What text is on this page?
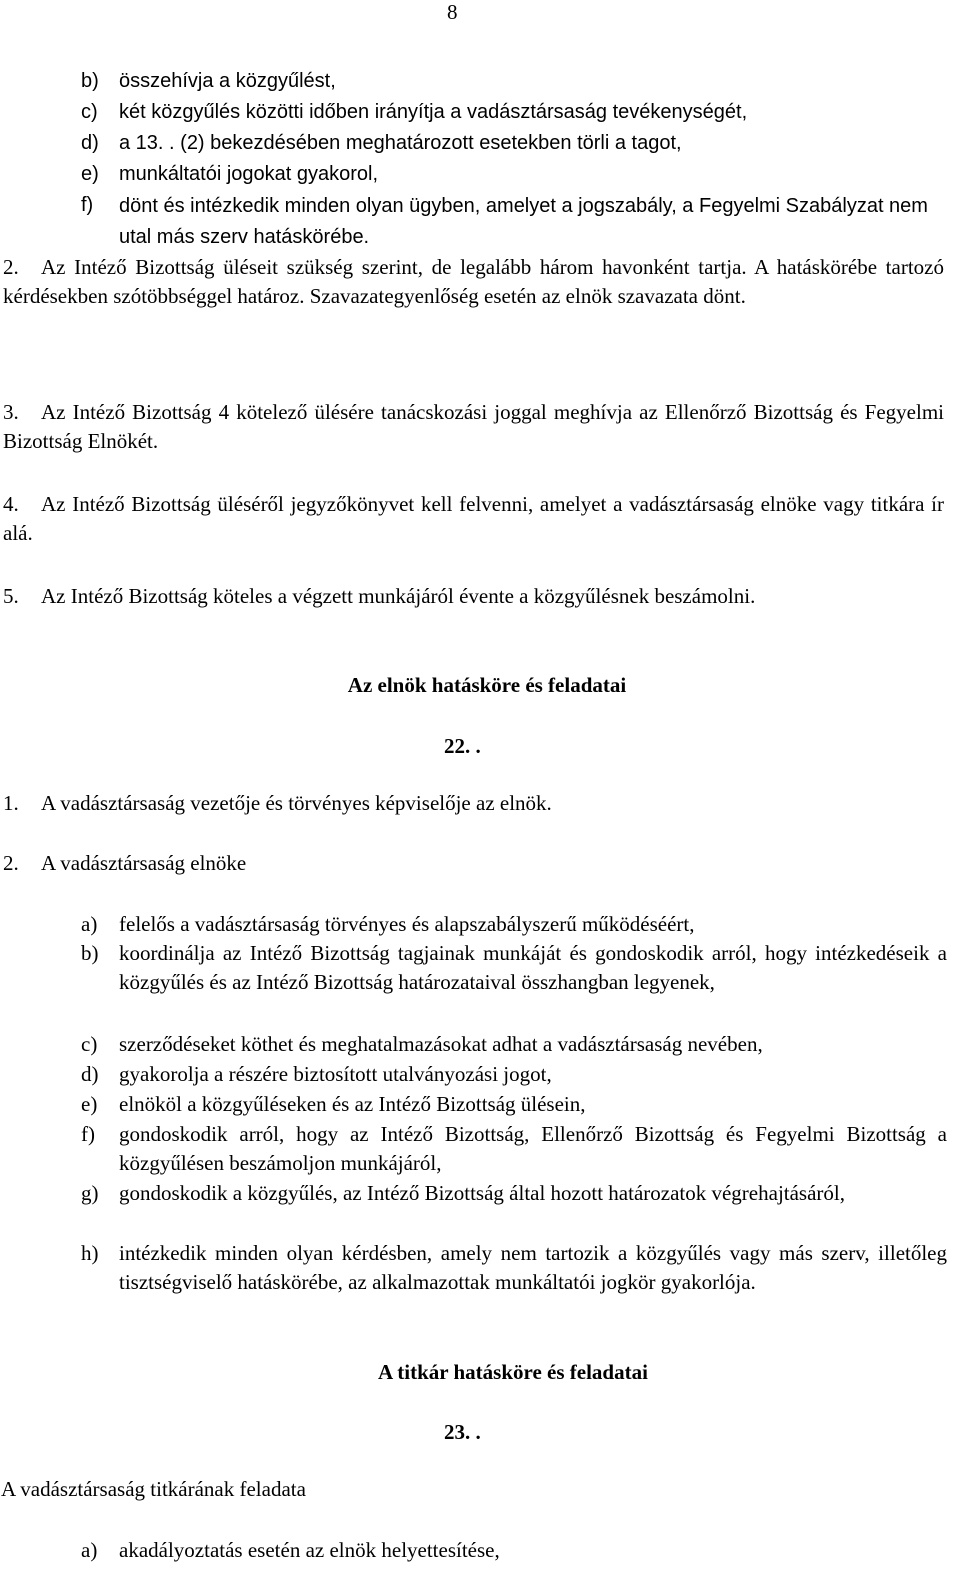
8
b) összehívja a közgyűlést,
c) két közgyűlés közötti időben irányítja a vadásztársaság tevékenységét,
d) a 13. . (2) bekezdésében meghatározott esetekben törli a tagot,
e) munkáltatói jogokat gyakorol,
f) dönt és intézkedik minden olyan ügyben, amelyet a jogszabály, a Fegyelmi Szabályzat nem utal más szerv hatáskörébe.
2. Az Intéző Bizottság üléseit szükség szerint, de legalább három havonként tartja. A hatáskörébe tartozó kérdésekben szótöbbséggel határoz. Szavazategyenlőség esetén az elnök szavazata dönt.
3. Az Intéző Bizottság 4 kötelező ülésére tanácskozási joggal meghívja az Ellenőrző Bizottság és Fegyelmi Bizottság Elnökét.
4. Az Intéző Bizottság üléséről jegyzőkönyvet kell felvenni, amelyet a vadásztársaság elnöke vagy titkára ír alá.
5. Az Intéző Bizottság köteles a végzett munkájáról évente a közgyűlésnek beszámolni.
Az elnök hatásköre és feladatai
22. .
1. A vadásztársaság vezetője és törvényes képviselője az elnök.
2. A vadásztársaság elnöke
a) felelős a vadásztársaság törvényes és alapszabályszerű működéséért,
b) koordinálja az Intéző Bizottság tagjainak munkáját és gondoskodik arról, hogy intézkedéseik a közgyűlés és az Intéző Bizottság határozataival összhangban legyenek,
c) szerződéseket köthet és meghatalmazásokat adhat a vadásztársaság nevében,
d) gyakorolja a részére biztosított utalványozási jogot,
e) elnököl a közgyűléseken és az Intéző Bizottság ülésein,
f) gondoskodik arról, hogy az Intéző Bizottság, Ellenőrző Bizottság és Fegyelmi Bizottság a közgyűlésen beszámoljon munkájáról,
g) gondoskodik a közgyűlés, az Intéző Bizottság által hozott határozatok végrehajtásáról,
h) intézkedik minden olyan kérdésben, amely nem tartozik a közgyűlés vagy más szerv, illetőleg tisztségviselő hatáskörébe, az alkalmazottak munkáltatói jogkör gyakorlója.
A titkár hatásköre és feladatai
23. .
A vadásztársaság titkárának feladata
a) akadályoztatás esetén az elnök helyettesítése,
